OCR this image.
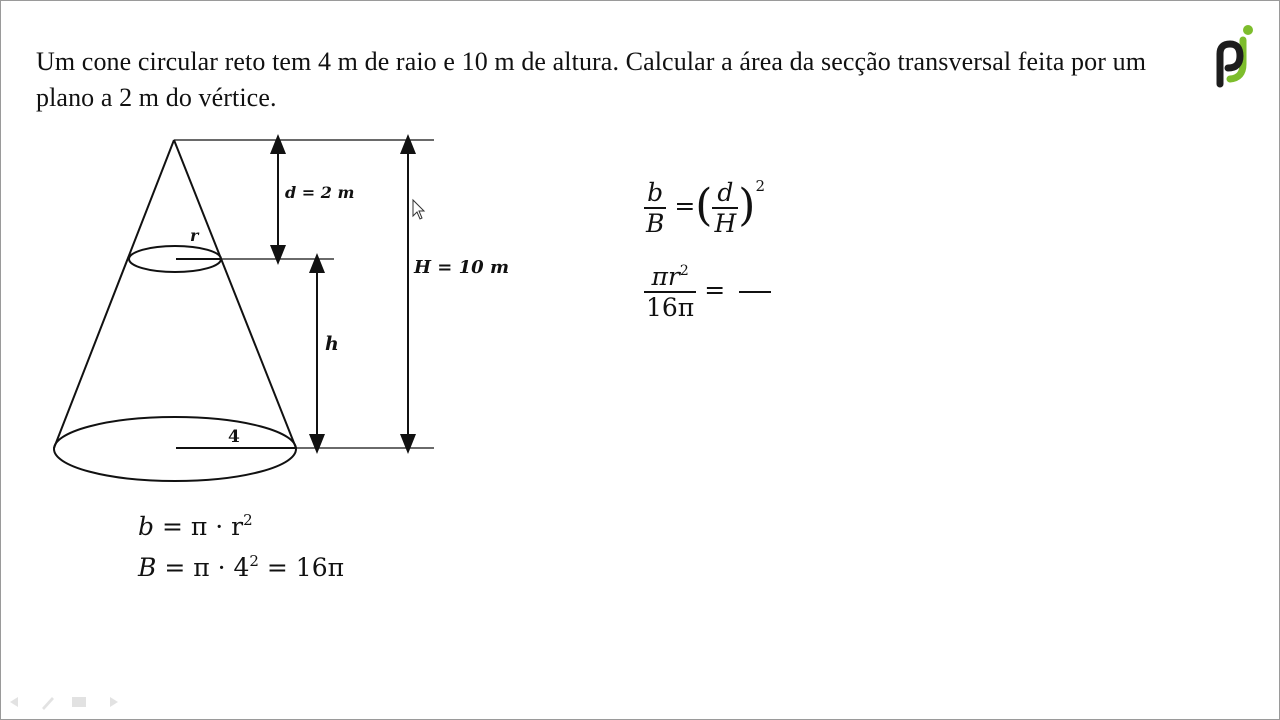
Um cone circular reto tem 4 m de raio e 10 m de altura. Calcular a área da secção transversal feita por um plano a 2 m do vértice.
d = 2 m
H = 10 m
h
r
4
$b = \pi \cdot r^2$
$B = \pi \cdot 4^2 = 16\pi$
$\frac{b}{B}$ =( $\frac{d}{H} )^2$
$\frac{\pi r^2}{16\pi}$ =
